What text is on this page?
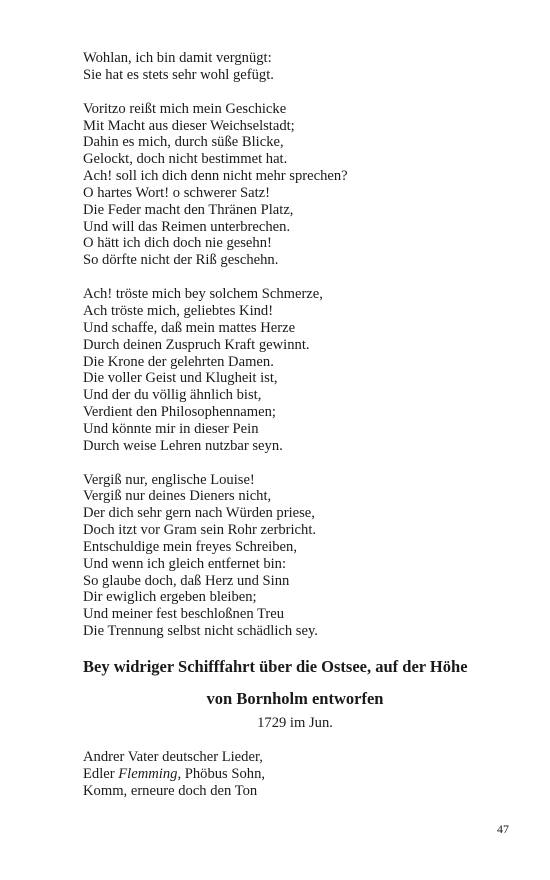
Wohlan, ich bin damit vergnügt:
Sie hat es stets sehr wohl gefügt.
Voritzo reißt mich mein Geschicke
Mit Macht aus dieser Weichselstadt;
Dahin es mich, durch süße Blicke,
Gelockt, doch nicht bestimmet hat.
Ach! soll ich dich denn nicht mehr sprechen?
O hartes Wort! o schwerer Satz!
Die Feder macht den Thränen Platz,
Und will das Reimen unterbrechen.
O hätt ich dich doch nie gesehn!
So dörfte nicht der Riß geschehn.
Ach! tröste mich bey solchem Schmerze,
Ach tröste mich, geliebtes Kind!
Und schaffe, daß mein mattes Herze
Durch deinen Zuspruch Kraft gewinnt.
Die Krone der gelehrten Damen.
Die voller Geist und Klugheit ist,
Und der du völlig ähnlich bist,
Verdient den Philosophennamen;
Und könnte mir in dieser Pein
Durch weise Lehren nutzbar seyn.
Vergiß nur, englische Louise!
Vergiß nur deines Dieners nicht,
Der dich sehr gern nach Würden priese,
Doch itzt vor Gram sein Rohr zerbricht.
Entschuldige mein freyes Schreiben,
Und wenn ich gleich entfernet bin:
So glaube doch, daß Herz und Sinn
Dir ewiglich ergeben bleiben;
Und meiner fest beschloßnen Treu
Die Trennung selbst nicht schädlich sey.
Bey widriger Schifffahrt über die Ostsee, auf der Höhe
von Bornholm entworfen
1729 im Jun.
Andrer Vater deutscher Lieder,
Edler Flemming, Phöbus Sohn,
Komm, erneure doch den Ton
47
